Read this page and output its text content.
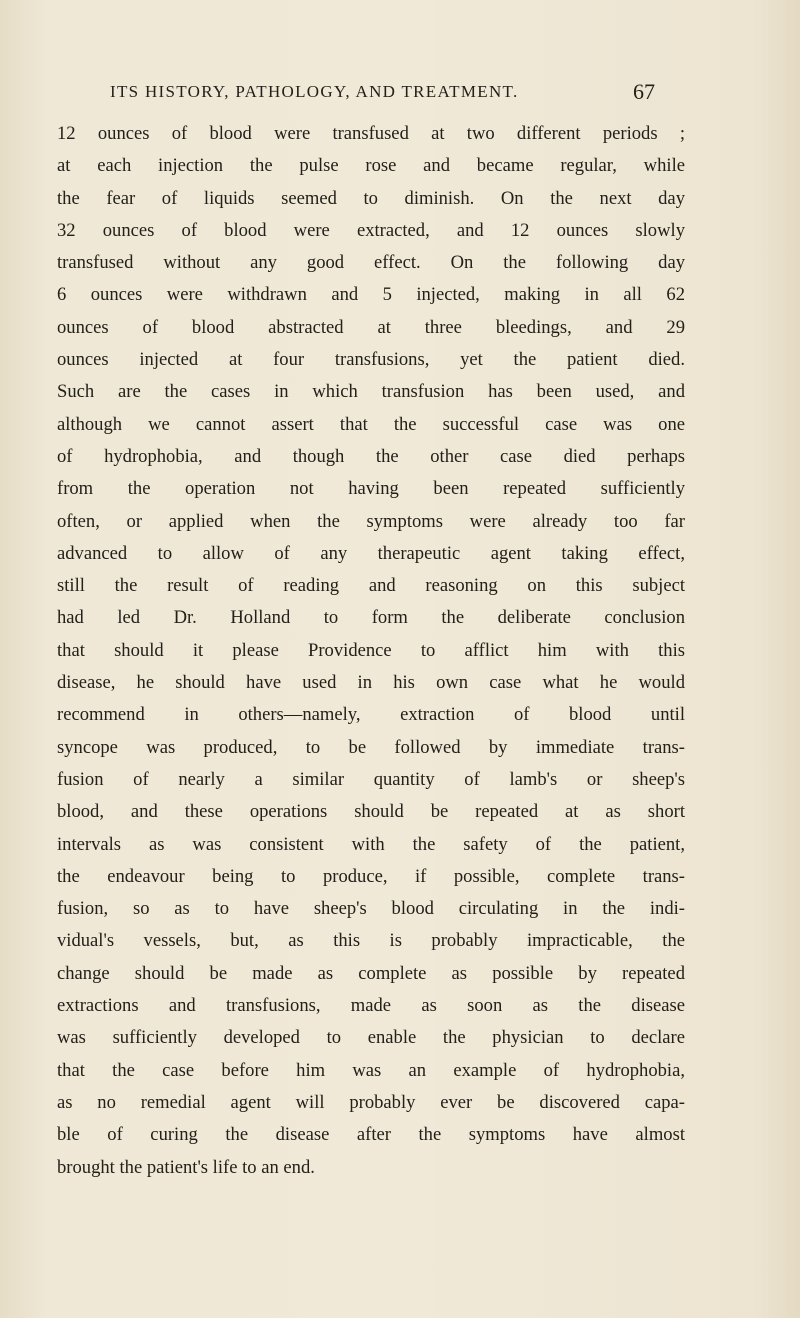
ITS HISTORY, PATHOLOGY, AND TREATMENT.	67
12 ounces of blood were transfused at two different periods ;
at each injection the pulse rose and became regular, while
the fear of liquids seemed to diminish. On the next day
32 ounces of blood were extracted, and 12 ounces slowly
transfused without any good effect. On the following day
6 ounces were withdrawn and 5 injected, making in all 62
ounces of blood abstracted at three bleedings, and 29
ounces injected at four transfusions, yet the patient died.
Such are the cases in which transfusion has been used, and
although we cannot assert that the successful case was one
of hydrophobia, and though the other case died perhaps
from the operation not having been repeated sufficiently
often, or applied when the symptoms were already too far
advanced to allow of any therapeutic agent taking effect,
still the result of reading and reasoning on this subject
had led Dr. Holland to form the deliberate conclusion
that should it please Providence to afflict him with this
disease, he should have used in his own case what he would
recommend in others—namely, extraction of blood until
syncope was produced, to be followed by immediate trans-
fusion of nearly a similar quantity of lamb's or sheep's
blood, and these operations should be repeated at as short
intervals as was consistent with the safety of the patient,
the endeavour being to produce, if possible, complete trans-
fusion, so as to have sheep's blood circulating in the indi-
vidual's vessels, but, as this is probably impracticable, the
change should be made as complete as possible by repeated
extractions and transfusions, made as soon as the disease
was sufficiently developed to enable the physician to declare
that the case before him was an example of hydrophobia,
as no remedial agent will probably ever be discovered capa-
ble of curing the disease after the symptoms have almost
brought the patient's life to an end.
